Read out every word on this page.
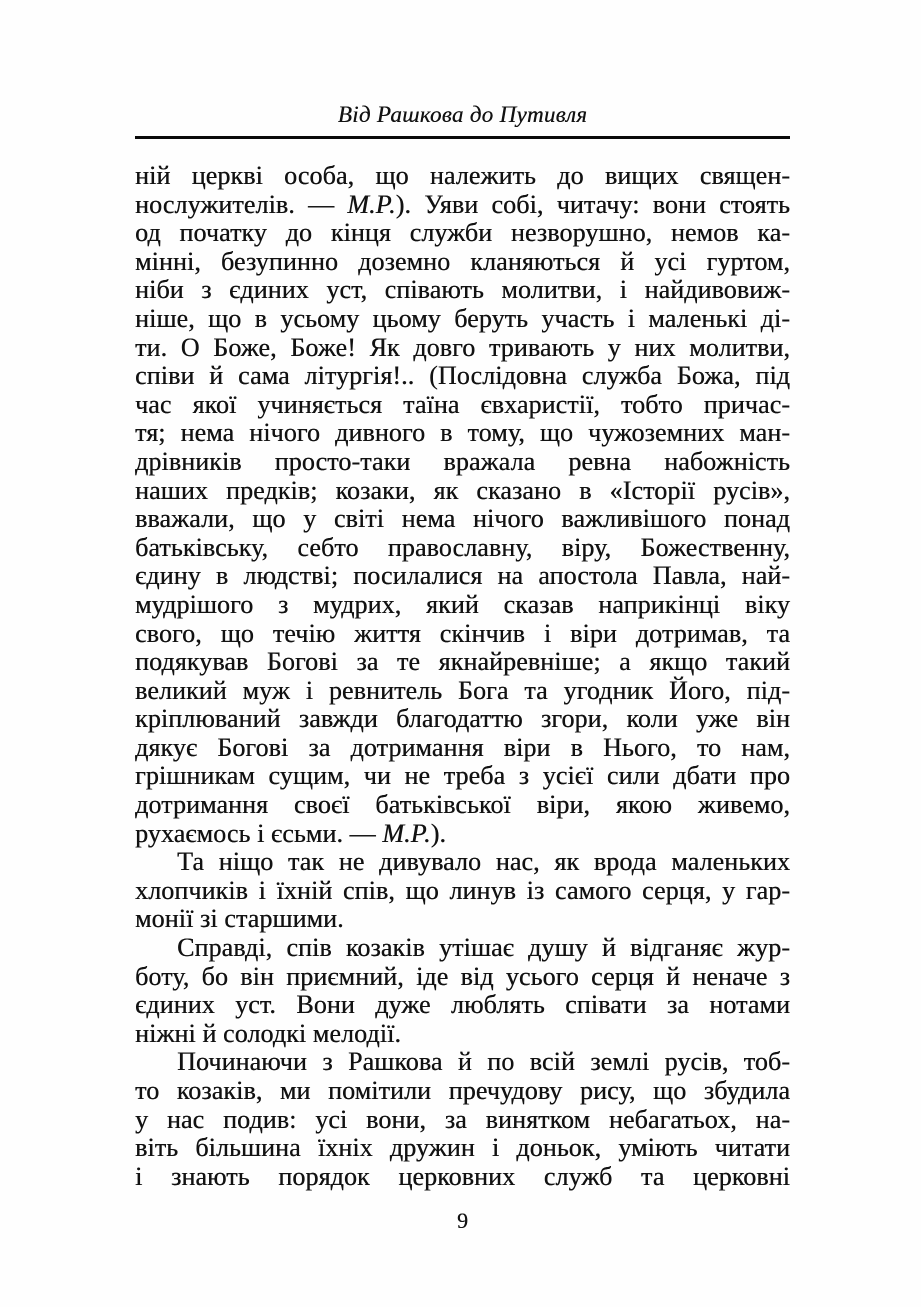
Від Рашкова до Путивля
ній церкві особа, що належить до вищих священ-
нослужителів. — М.Р.). Уяви собі, читачу: вони стоять
од початку до кінця служби незворушно, немов ка-
мінні, безупинно доземно кланяються й усі гуртом,
ніби з єдиних уст, співають молитви, і найдивовиж-
ніше, що в усьому цьому беруть участь і маленькі ді-
ти. О Боже, Боже! Як довго тривають у них молитви,
співи й сама літургія!.. (Послідовна служба Божа, під
час якої учиняється таїна євхаристії, тобто причас-
тя; нема нічого дивного в тому, що чужоземних ман-
дрівників просто-таки вражала ревна набожність
наших предків; козаки, як сказано в «Історії русів»,
вважали, що у світі нема нічого важливішого понад
батьківську, себто православну, віру, Божественну,
єдину в людстві; посилалися на апостола Павла, най-
мудрішого з мудрих, який сказав наприкінці віку
свого, що течію життя скінчив і віри дотримав, та
подякував Богові за те якнайревніше; а якщо такий
великий муж і ревнитель Бога та угодник Його, під-
кріплюваний завжди благодаттю згори, коли уже він
дякує Богові за дотримання віри в Нього, то нам,
грішникам сущим, чи не треба з усієї сили дбати про
дотримання своєї батьківської віри, якою живемо,
рухаємось і єсьми. — М.Р.).
Та ніщо так не дивувало нас, як врода маленьких
хлопчиків і їхній спів, що линув із самого серця, у гар-
монії зі старшими.
Справді, спів козаків утішає душу й відганяє жур-
боту, бо він приємний, іде від усього серця й неначе з
єдиних уст. Вони дуже люблять співати за нотами
ніжні й солодкі мелодії.
Починаючи з Рашкова й по всій землі русів, тоб-
то козаків, ми помітили пречудову рису, що збудила
у нас подив: усі вони, за винятком небагатьох, на-
віть більшина їхніх дружин і доньок, уміють читати
і знають порядок церковних служб та церковні
9
